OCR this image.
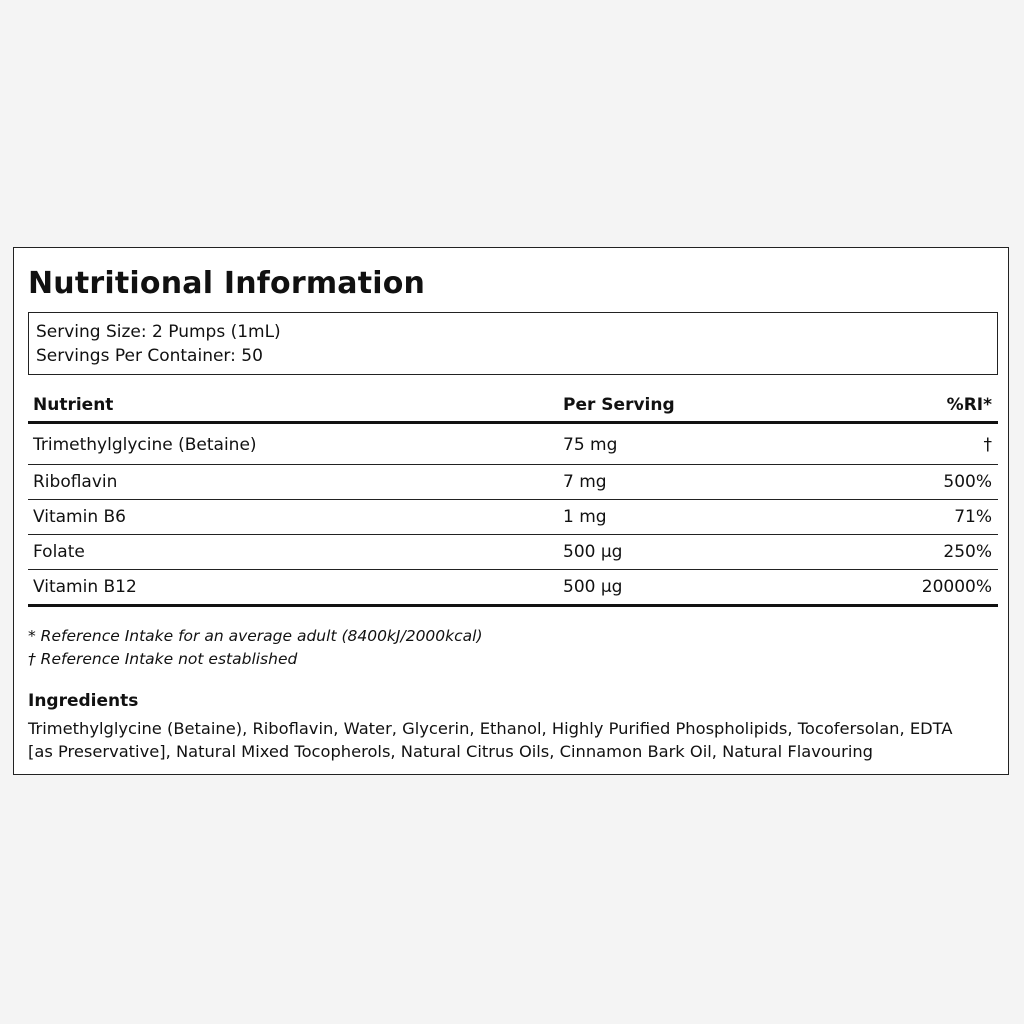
Nutritional Information
Serving Size: 2 Pumps (1mL)
Servings Per Container: 50
Nutrient	Per Serving	%RI*
Trimethylglycine (Betaine)	75 mg	†
Riboflavin	7 mg	500%
Vitamin B6	1 mg	71%
Folate	500 µg	250%
Vitamin B12	500 µg	20000%
* Reference Intake for an average adult (8400kJ/2000kcal)
† Reference Intake not established
Ingredients
Trimethylglycine (Betaine), Riboflavin, Water, Glycerin, Ethanol, Highly Purified Phospholipids, Tocofersolan, EDTA [as Preservative], Natural Mixed Tocopherols, Natural Citrus Oils, Cinnamon Bark Oil, Natural Flavouring
